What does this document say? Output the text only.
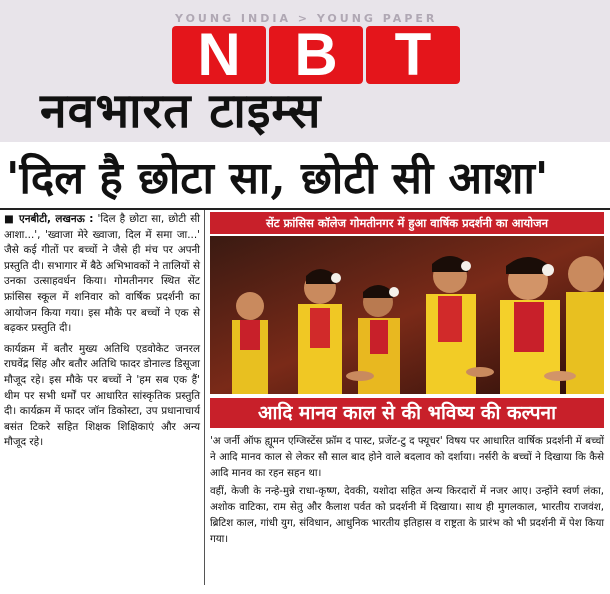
YOUNG INDIA > YOUNG PAPER
N B T
नवभारत टाइम्स
'दिल है छोटा सा, छोटी सी आशा'

■ एनबीटी, लखनऊ : 'दिल है छोटा सा, छोटी सी आशा...', 'ख्वाजा मेरे ख्वाजा, दिल में समा जा...' जैसे कई गीतों पर बच्चों ने जैसे ही मंच पर अपनी प्रस्तुति दी। सभागार में बैठे अभिभावकों ने तालियों से उनका उत्साहवर्धन किया। गोमतीनगर स्थित सेंट फ्रांसिस स्कूल में शनिवार को वार्षिक प्रदर्शनी का आयोजन किया गया। इस मौके पर बच्चों ने एक से बढ़कर प्रस्तुति दी।

कार्यक्रम में बतौर मुख्य अतिथि एडवोकेट जनरल राघवेंद्र सिंह और बतौर अतिथि फादर डोनाल्ड डिसूजा मौजूद रहे। इस मौके पर बच्चों ने 'हम सब एक हैं' थीम पर सभी धर्मों पर आधारित सांस्कृतिक प्रस्तुति दी। कार्यक्रम में फादर जॉन डिकोस्टा, उप प्रधानाचार्य बसंत टिकरे सहित शिक्षक शिक्षिकाएं और अन्य मौजूद रहे।

सेंट फ्रांसिस कॉलेज गोमतीनगर में हुआ वार्षिक प्रदर्शनी का आयोजन
आदि मानव काल से की भविष्य की कल्पना

'अ जर्नी ऑफ ह्यूमन एग्जिस्टेंस फ्रॉम द पास्ट, प्रजेंट-टु द फ्यूचर' विषय पर आधारित वार्षिक प्रदर्शनी में बच्चों ने आदि मानव काल से लेकर सौ साल बाद होने वाले बदलाव को दर्शाया। नर्सरी के बच्चों ने दिखाया कि कैसे आदि मानव का रहन सहन था।

वहीं, केजी के नन्हे-मुन्ने राधा-कृष्ण, देवकी, यशोदा सहित अन्य किरदारों में नजर आए। उन्होंने स्वर्ण लंका, अशोक वाटिका, राम सेतु और कैलाश पर्वत को प्रदर्शनी में दिखाया। साथ ही मुगलकाल, भारतीय राजवंश, ब्रिटिश काल, गांधी युग, संविधान, आधुनिक भारतीय इतिहास व राष्ट्रता के प्रारंभ को भी प्रदर्शनी में पेश किया गया।
